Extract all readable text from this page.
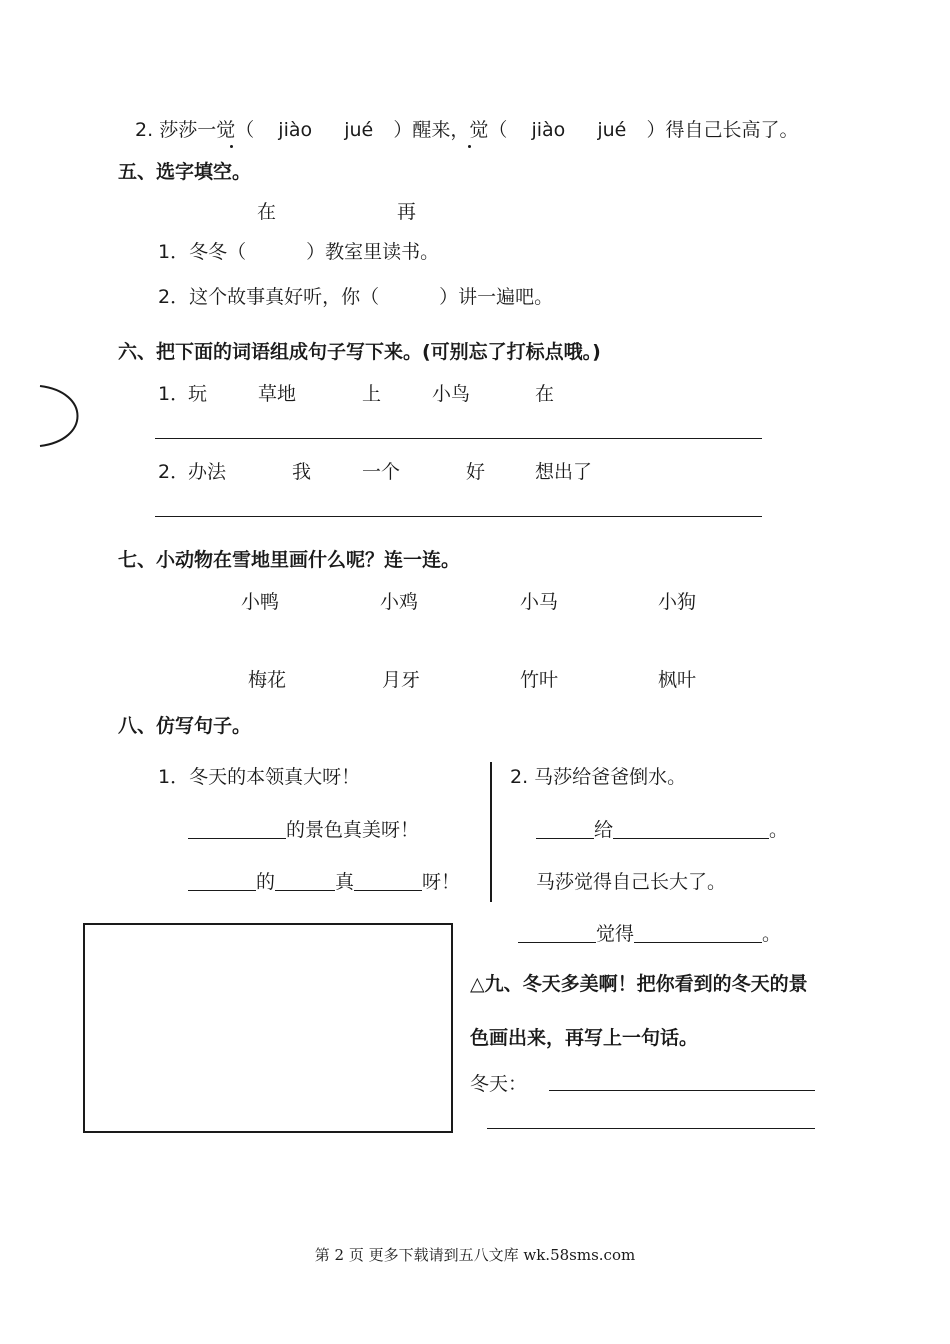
2. 莎莎一觉（ jiào jué ）醒来，觉（ jiào jué ）得自己长高了。
五、选字填空。
在	再
1．冬冬（	）教室里读书。
2．这个故事真好听，你（	）讲一遍吧。
六、把下面的词语组成句子写下来。(可别忘了打标点哦。)
1．
玩	草地	上	小鸟	在
2．
办法	我	一个	好	想出了
七、小动物在雪地里画什么呢？连一连。
小鸭	小鸡	小马	小狗
梅花	月牙	竹叶	枫叶
八、仿写句子。
1．冬天的本领真大呀！
的景色真美呀！
的	真	呀！
2. 马莎给爸爸倒水。
给	。
马莎觉得自己长大了。
觉得	。
△九、冬天多美啊！把你看到的冬天的景
色画出来，再写上一句话。
冬天：
第 2 页 更多下载请到五八文库 wk.58sms.com
